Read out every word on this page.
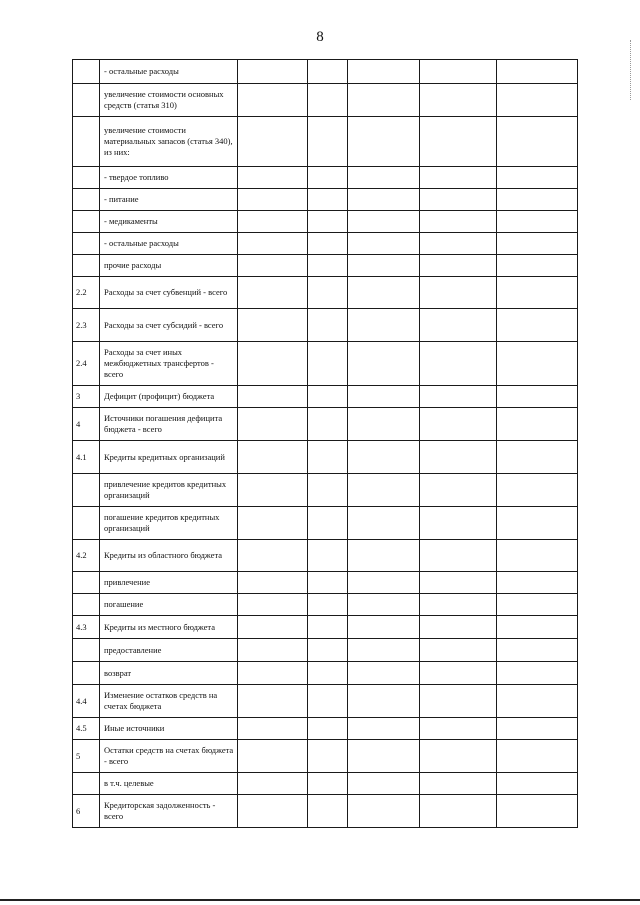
8
	- остальные расходы					
	увеличение стоимости основных средств (статья 310)					
	увеличение стоимости материальных запасов (статья 340), из них:					
	- твердое топливо					
	- питание					
	- медикаменты					
	- остальные расходы					
	прочие расходы					
2.2	Расходы за счет субвенций - всего					
2.3	Расходы за счет субсидий - всего					
2.4	Расходы за счет иных межбюджетных трансфертов - всего					
3	Дефицит (профицит) бюджета					
4	Источники погашения дефицита бюджета - всего					
4.1	Кредиты кредитных организаций					
	привлечение кредитов кредитных организаций					
	погашение кредитов кредитных организаций					
4.2	Кредиты из областного бюджета					
	привлечение					
	погашение					
4.3	Кредиты из местного бюджета					
	предоставление					
	возврат					
4.4	Изменение остатков средств на счетах бюджета					
4.5	Иные источники					
5	Остатки средств на счетах бюджета - всего					
	в т.ч. целевые					
6	Кредиторская задолженность - всего					
